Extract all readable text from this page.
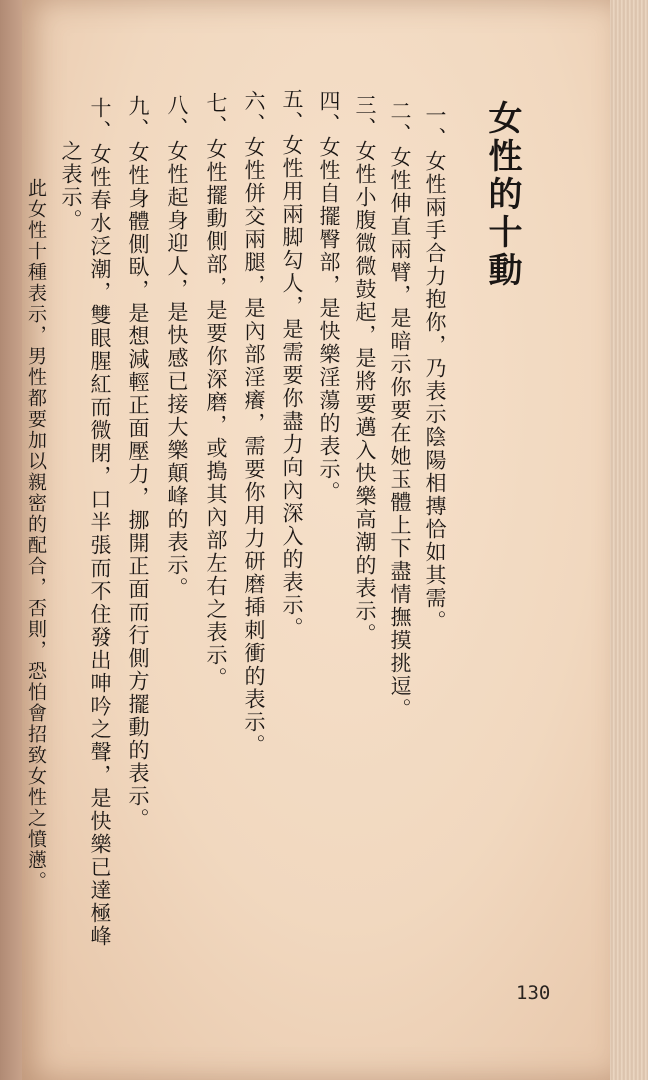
女性的十動
一、女性兩手合力抱你，乃表示陰陽相摶恰如其需。
二、女性伸直兩臂，是暗示你要在她玉體上下盡情撫摸挑逗。
三、女性小腹微微鼓起，是將要邁入快樂高潮的表示。
四、女性自擺臀部，是快樂淫蕩的表示。
五、女性用兩脚勾人，是需要你盡力向內深入的表示。
六、女性併交兩腿，是內部淫癢，需要你用力研磨揷刺衝的表示。
七、女性擺動側部，是要你深磨，或搗其內部左右之表示。
八、女性起身迎人，是快感已接大樂顛峰的表示。
九、女性身體側臥，是想減輕正面壓力，挪開正面而行側方擺動的表示。
十、女性春水泛潮，雙眼腥紅而微閉，口半張而不住發出呻吟之聲，是快樂已達極峰
之表示。
此女性十種表示，男性都要加以親密的配合，否則，恐怕會招致女性之憤懣。
130
